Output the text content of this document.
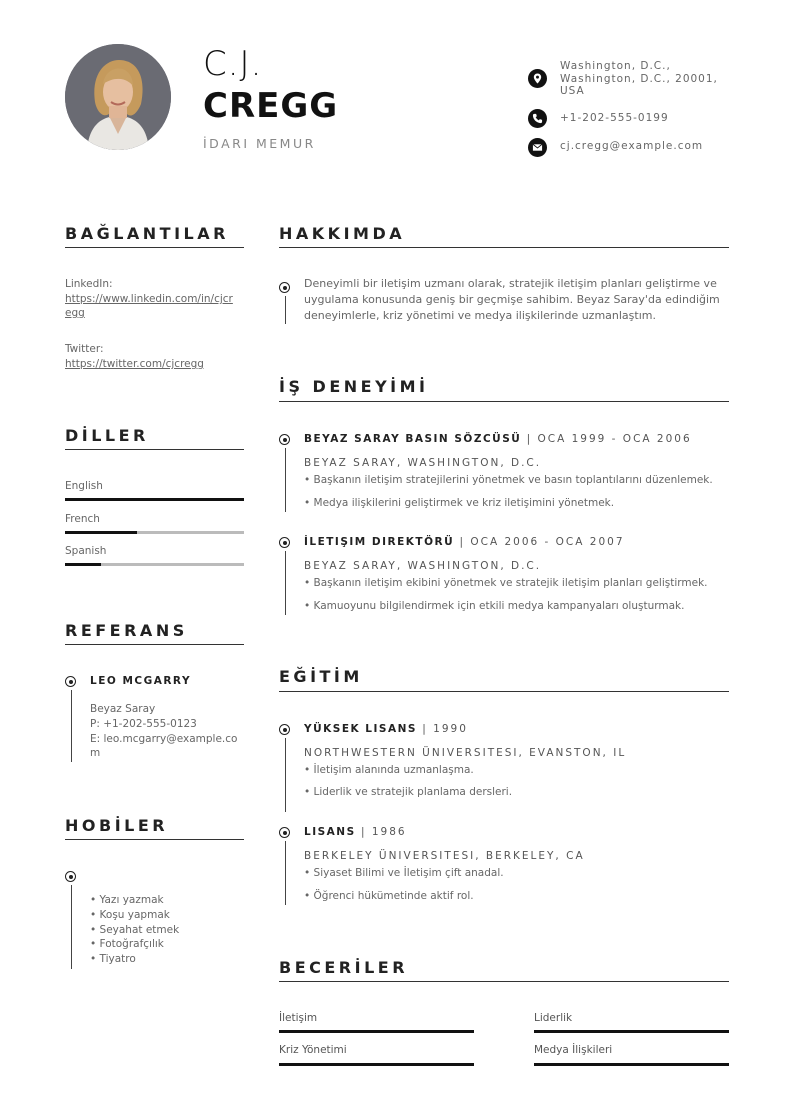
C.J.
CREGG
İDARI MEMUR
Washington, D.C.,
Washington, D.C., 20001,
USA
+1-202-555-0199
cj.cregg@example.com
BAĞLANTILAR
LinkedIn:
https://www.linkedin.com/in/cjcr
egg
Twitter:
https://twitter.com/cjcregg
DİLLER
English
French
Spanish
REFERANS
LEO MCGARRY
Beyaz Saray
P: +1-202-555-0123
E: leo.mcgarry@example.co
m
HOBİLER
• Yazı yazmak
• Koşu yapmak
• Seyahat etmek
• Fotoğrafçılık
• Tiyatro
HAKKIMDA
Deneyimli bir iletişim uzmanı olarak, stratejik iletişim planları geliştirme ve
uygulama konusunda geniş bir geçmişe sahibim. Beyaz Saray'da edindiğim
deneyimlerle, kriz yönetimi ve medya ilişkilerinde uzmanlaştım.
İŞ DENEYİMİ
BEYAZ SARAY BASIN SÖZCÜSÜ | OCA 1999 - OCA 2006
BEYAZ SARAY, WASHINGTON, D.C.
• Başkanın iletişim stratejilerini yönetmek ve basın toplantılarını düzenlemek.
• Medya ilişkilerini geliştirmek ve kriz iletişimini yönetmek.
İLETIŞIM DIREKTÖRÜ | OCA 2006 - OCA 2007
BEYAZ SARAY, WASHINGTON, D.C.
• Başkanın iletişim ekibini yönetmek ve stratejik iletişim planları geliştirmek.
• Kamuoyunu bilgilendirmek için etkili medya kampanyaları oluşturmak.
EĞİTİM
YÜKSEK LISANS | 1990
NORTHWESTERN ÜNIVERSITESI, EVANSTON, IL
• İletişim alanında uzmanlaşma.
• Liderlik ve stratejik planlama dersleri.
LISANS | 1986
BERKELEY ÜNIVERSITESI, BERKELEY, CA
• Siyaset Bilimi ve İletişim çift anadal.
• Öğrenci hükümetinde aktif rol.
BECERİLER
İletişim	Liderlik
Kriz Yönetimi	Medya İlişkileri
